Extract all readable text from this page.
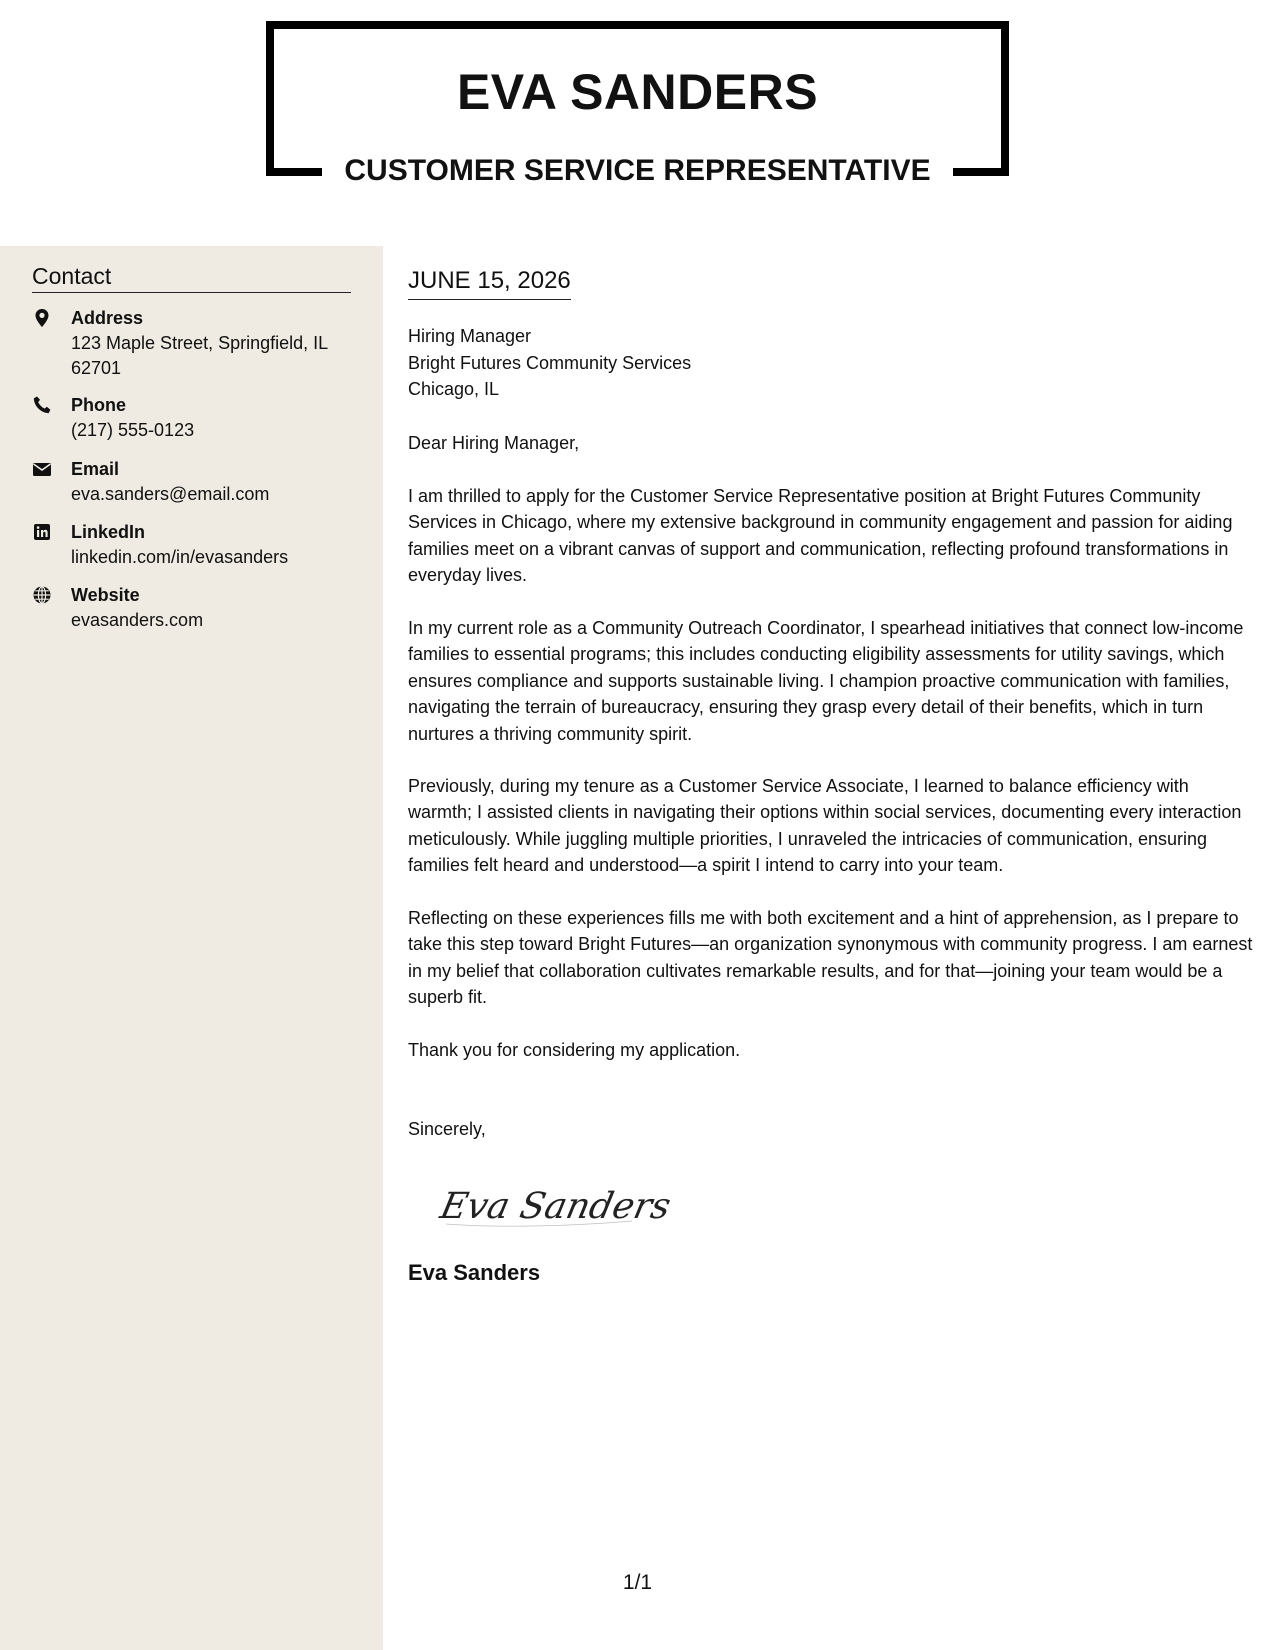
EVA SANDERS
CUSTOMER SERVICE REPRESENTATIVE
Contact
Address
123 Maple Street, Springfield, IL 62701
Phone
(217) 555-0123
Email
eva.sanders@email.com
LinkedIn
linkedin.com/in/evasanders
Website
evasanders.com
JUNE 15, 2026
Hiring Manager
Bright Futures Community Services
Chicago, IL
Dear Hiring Manager,
I am thrilled to apply for the Customer Service Representative position at Bright Futures Community Services in Chicago, where my extensive background in community engagement and passion for aiding families meet on a vibrant canvas of support and communication, reflecting profound transformations in everyday lives.
In my current role as a Community Outreach Coordinator, I spearhead initiatives that connect low-income families to essential programs; this includes conducting eligibility assessments for utility savings, which ensures compliance and supports sustainable living. I champion proactive communication with families, navigating the terrain of bureaucracy, ensuring they grasp every detail of their benefits, which in turn nurtures a thriving community spirit.
Previously, during my tenure as a Customer Service Associate, I learned to balance efficiency with warmth; I assisted clients in navigating their options within social services, documenting every interaction meticulously. While juggling multiple priorities, I unraveled the intricacies of communication, ensuring families felt heard and understood—a spirit I intend to carry into your team.
Reflecting on these experiences fills me with both excitement and a hint of apprehension, as I prepare to take this step toward Bright Futures—an organization synonymous with community progress. I am earnest in my belief that collaboration cultivates remarkable results, and for that—joining your team would be a superb fit.
Thank you for considering my application.
Sincerely,
Eva Sanders
Eva Sanders
1/1
